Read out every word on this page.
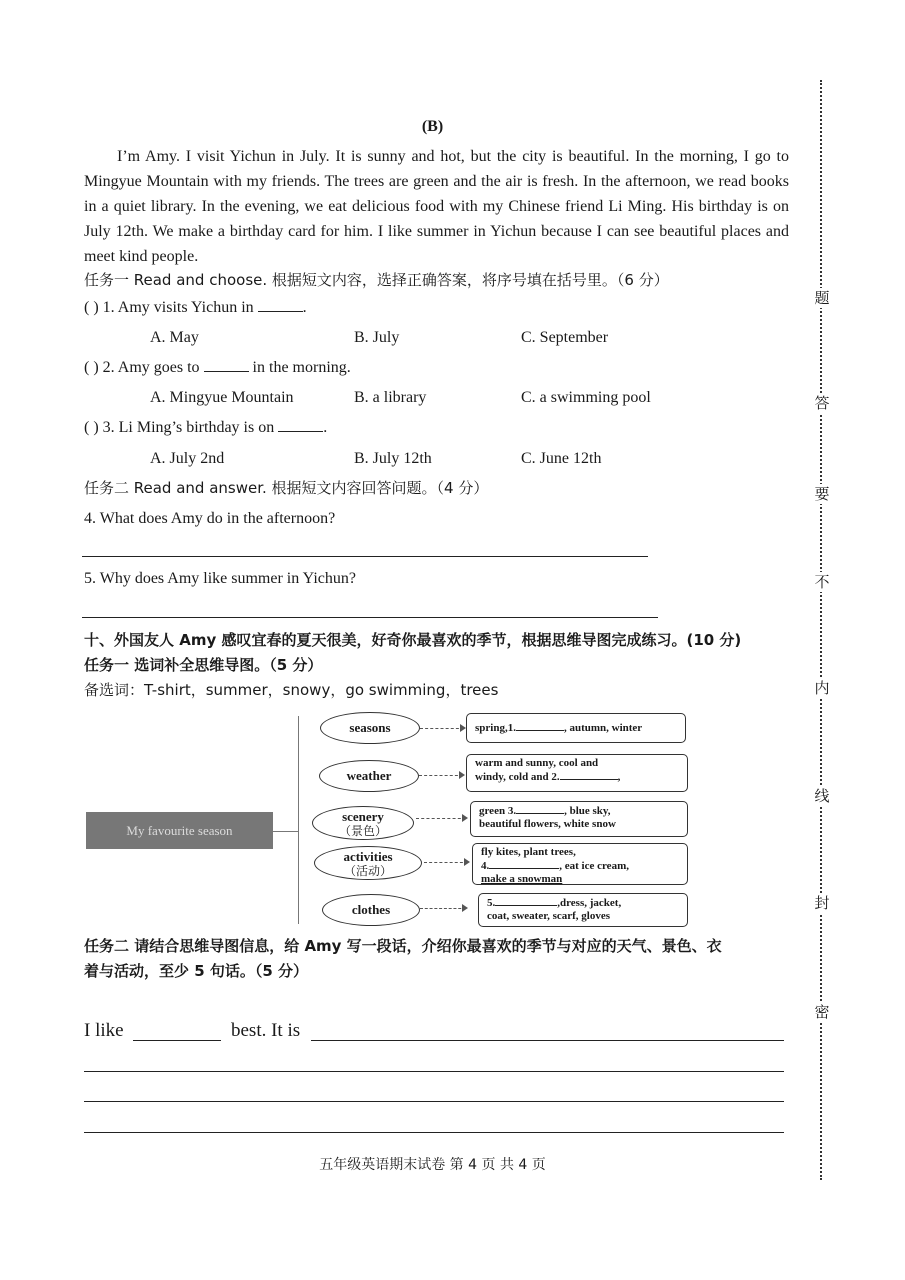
(B)
I’m Amy. I visit Yichun in July. It is sunny and hot, but the city is beautiful. In the morning, I go to Mingyue Mountain with my friends. The trees are green and the air is fresh. In the afternoon, we read books in a quiet library. In the evening, we eat delicious food with my Chinese friend Li Ming. His birthday is on July 12th. We make a birthday card for him. I like summer in Yichun because I can see beautiful places and meet kind people.
任务一 Read and choose. 根据短文内容，选择正确答案，将序号填在括号里。（6 分）
( ) 1. Amy visits Yichun in	.
A. May	B. July	C. September
( ) 2. Amy goes to	in the morning.
A. Mingyue Mountain	B. a library	C. a swimming pool
( ) 3. Li Ming’s birthday is on	.
A. July 2nd	B. July 12th	C. June 12th
任务二 Read and answer. 根据短文内容回答问题。（4 分）
4. What does Amy do in the afternoon?
5. Why does Amy like summer in Yichun?
十、外国友人 Amy 感叹宜春的夏天很美，好奇你最喜欢的季节，根据思维导图完成练习。(10 分)
任务一 选词补全思维导图。（5 分）
备选词：T-shirt，summer，snowy，go swimming，trees
My favourite season
seasons	spring,1.	, autumn, winter
weather
warm and sunny, cool and
windy, cold and 2.	,
scenery
（景色）
green 3.	, blue sky,
beautiful flowers, white snow
activities
（活动）
fly kites, plant trees,
4.	, eat ice cream,
make a snowman
clothes	5.	,dress, jacket,
coat, sweater, scarf, gloves
任务二 请结合思维导图信息，给 Amy 写一段话，介绍你最喜欢的季节与对应的天气、景色、衣
着与活动，至少 5 句话。（5 分）
I like	best. It is
五年级英语期末试卷 第 4 页 共 4 页
题
答
要
不
内
线
封
密
